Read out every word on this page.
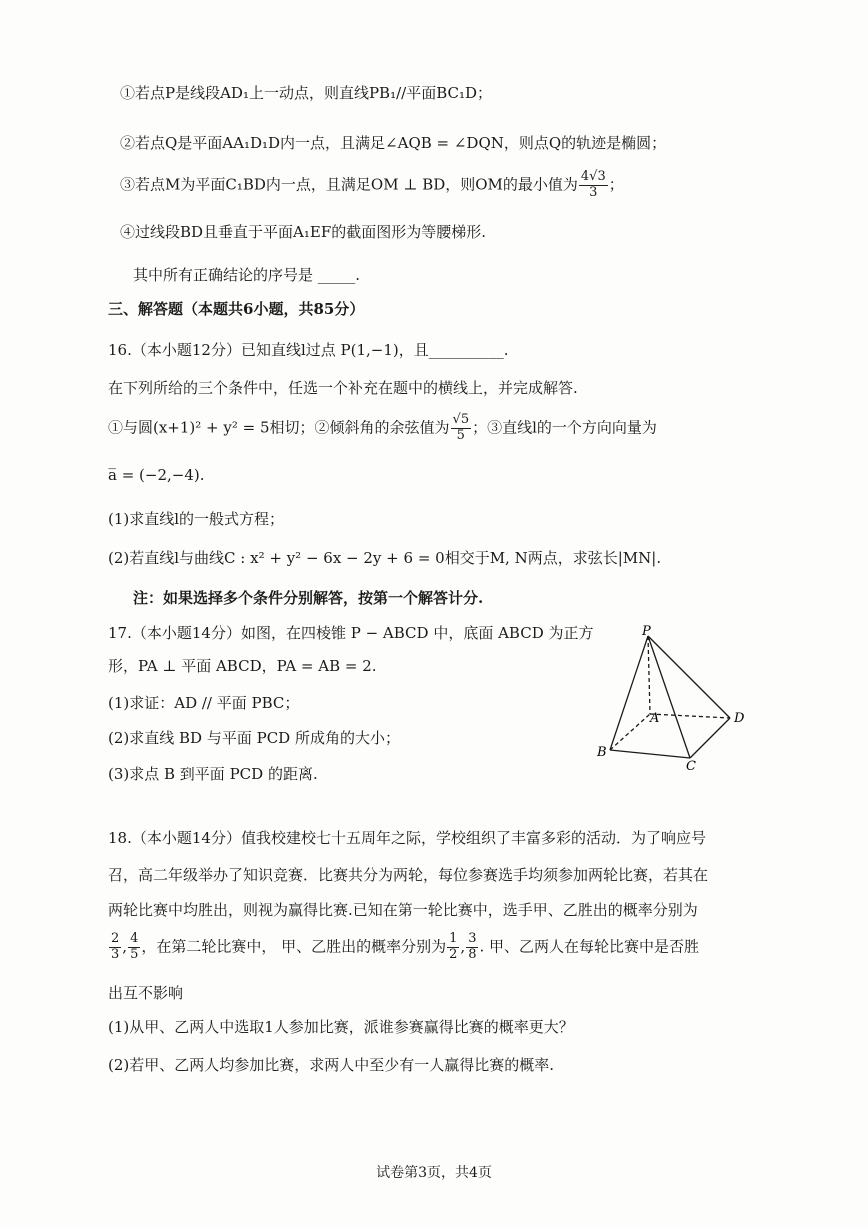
①若点P是线段AD₁上一动点，则直线PB₁//平面BC₁D；
②若点Q是平面AA₁D₁D内一点，且满足∠AQB = ∠DQN，则点Q的轨迹是椭圆；
③若点M为平面C₁BD内一点，且满足OM ⊥ BD，则OM的最小值为 $\frac{4√3}{3}$ ；
④过线段BD且垂直于平面A₁EF的截面图形为等腰梯形.
其中所有正确结论的序号是 _____.
三、解答题（本题共6小题，共85分）
16.（本小题12分）已知直线l过点 P(1,−1)，且__________.
在下列所给的三个条件中，任选一个补充在题中的横线上，并完成解答.
①与圆(x+1)² + y² = 5相切；②倾斜角的余弦值为 $\frac{√5}{5}$ ；③直线l的一个方向向量为
a̅ = (−2,−4).
(1)求直线l的一般式方程；
(2)若直线l与曲线C : x² + y² − 6x − 2y + 6 = 0相交于M, N两点，求弦长|MN|.
注：如果选择多个条件分别解答，按第一个解答计分.
17.（本小题14分）如图，在四棱锥 P − ABCD 中，底面 ABCD 为正方
形，PA ⊥ 平面 ABCD，PA = AB = 2.
(1)求证：AD // 平面 PBC；
(2)求直线 BD 与平面 PCD 所成角的大小；
(3)求点 B 到平面 PCD 的距离.
P
A
B
C
D
18.（本小题14分）值我校建校七十五周年之际，学校组织了丰富多彩的活动．为了响应号
召，高二年级举办了知识竞赛．比赛共分为两轮，每位参赛选手均须参加两轮比赛，若其在
两轮比赛中均胜出，则视为赢得比赛.已知在第一轮比赛中，选手甲、乙胜出的概率分别为
$\frac{2}{3}$ , $\frac{4}{5}$ ，在第二轮比赛中， 甲、乙胜出的概率分别为 $\frac{1}{2}$ , $\frac{3}{8}$ . 甲、乙两人在每轮比赛中是否胜
出互不影响
(1)从甲、乙两人中选取1人参加比赛，派谁参赛赢得比赛的概率更大？
(2)若甲、乙两人均参加比赛，求两人中至少有一人赢得比赛的概率.
试卷第3页，共4页
